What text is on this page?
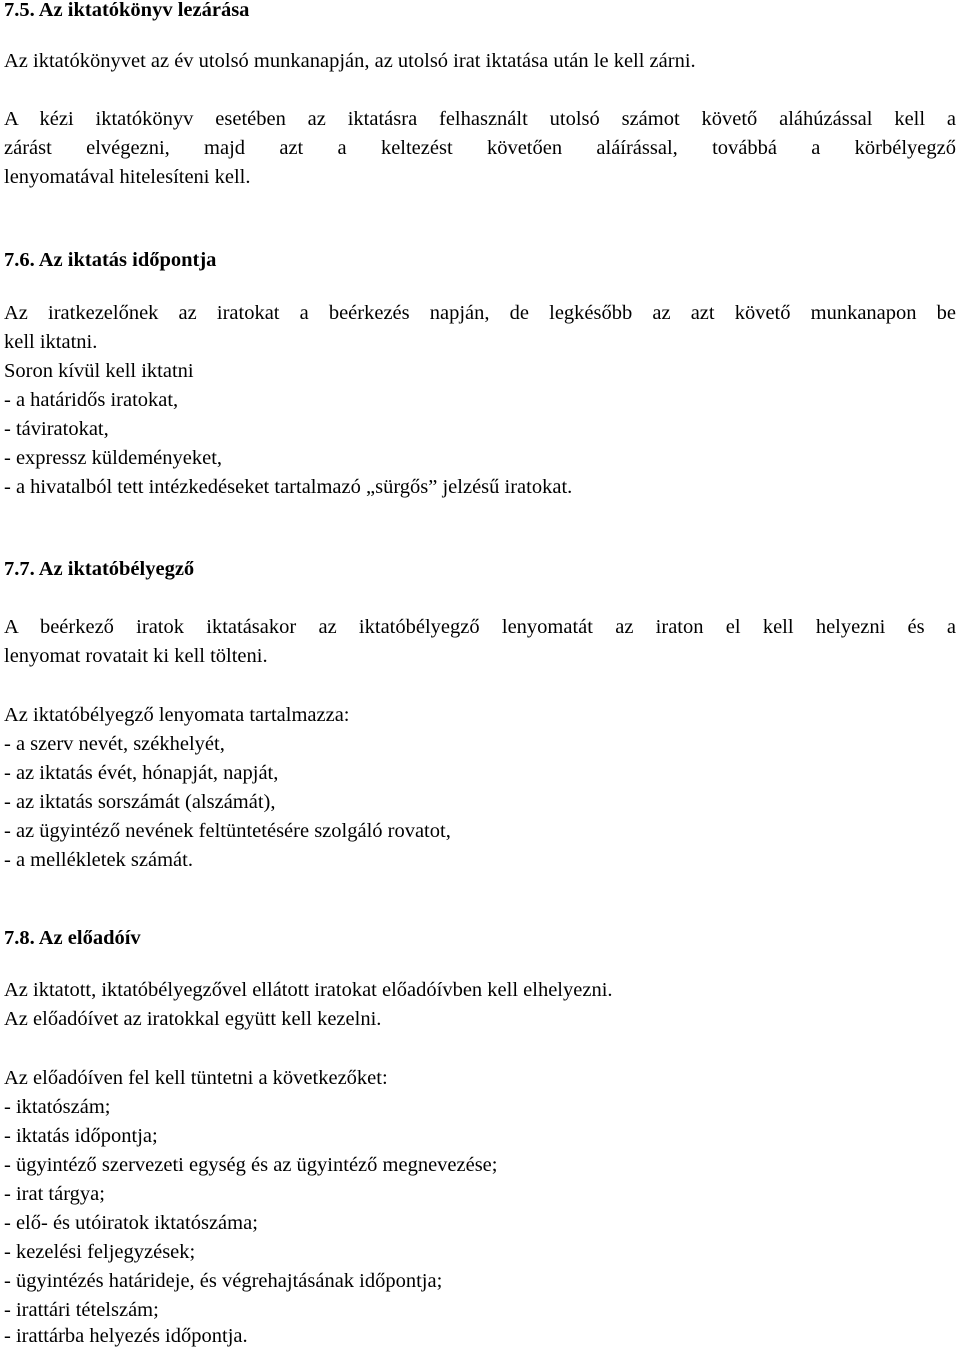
7.5. Az iktatókönyv lezárása
Az iktatókönyvet az év utolsó munkanapján, az utolsó irat iktatása után le kell zárni.
A kézi iktatókönyv esetében az iktatásra felhasznált utolsó számot követő aláhúzással kell a
zárást elvégezni, majd azt a keltezést követően aláírással, továbbá a körbélyegző
lenyomatával hitelesíteni kell.
7.6. Az iktatás időpontja
Az iratkezelőnek az iratokat a beérkezés napján, de legkésőbb az azt követő munkanapon be
kell iktatni.
Soron kívül kell iktatni
- a határidős iratokat,
- táviratokat,
- expressz küldeményeket,
- a hivatalból tett intézkedéseket tartalmazó „sürgős” jelzésű iratokat.
7.7. Az iktatóbélyegző
A beérkező iratok iktatásakor az iktatóbélyegző lenyomatát az iraton el kell helyezni és a
lenyomat rovatait ki kell tölteni.
Az iktatóbélyegző lenyomata tartalmazza:
- a szerv nevét, székhelyét,
- az iktatás évét, hónapját, napját,
- az iktatás sorszámát (alszámát),
- az ügyintéző nevének feltüntetésére szolgáló rovatot,
- a mellékletek számát.
7.8. Az előadóív
Az iktatott, iktatóbélyegzővel ellátott iratokat előadóívben kell elhelyezni.
Az előadóívet az iratokkal együtt kell kezelni.
Az előadóíven fel kell tüntetni a következőket:
- iktatószám;
- iktatás időpontja;
- ügyintéző szervezeti egység és az ügyintéző megnevezése;
- irat tárgya;
- elő- és utóiratok iktatószáma;
- kezelési feljegyzések;
- ügyintézés határideje, és végrehajtásának időpontja;
- irattári tételszám;
- irattárba helyezés időpontja.
